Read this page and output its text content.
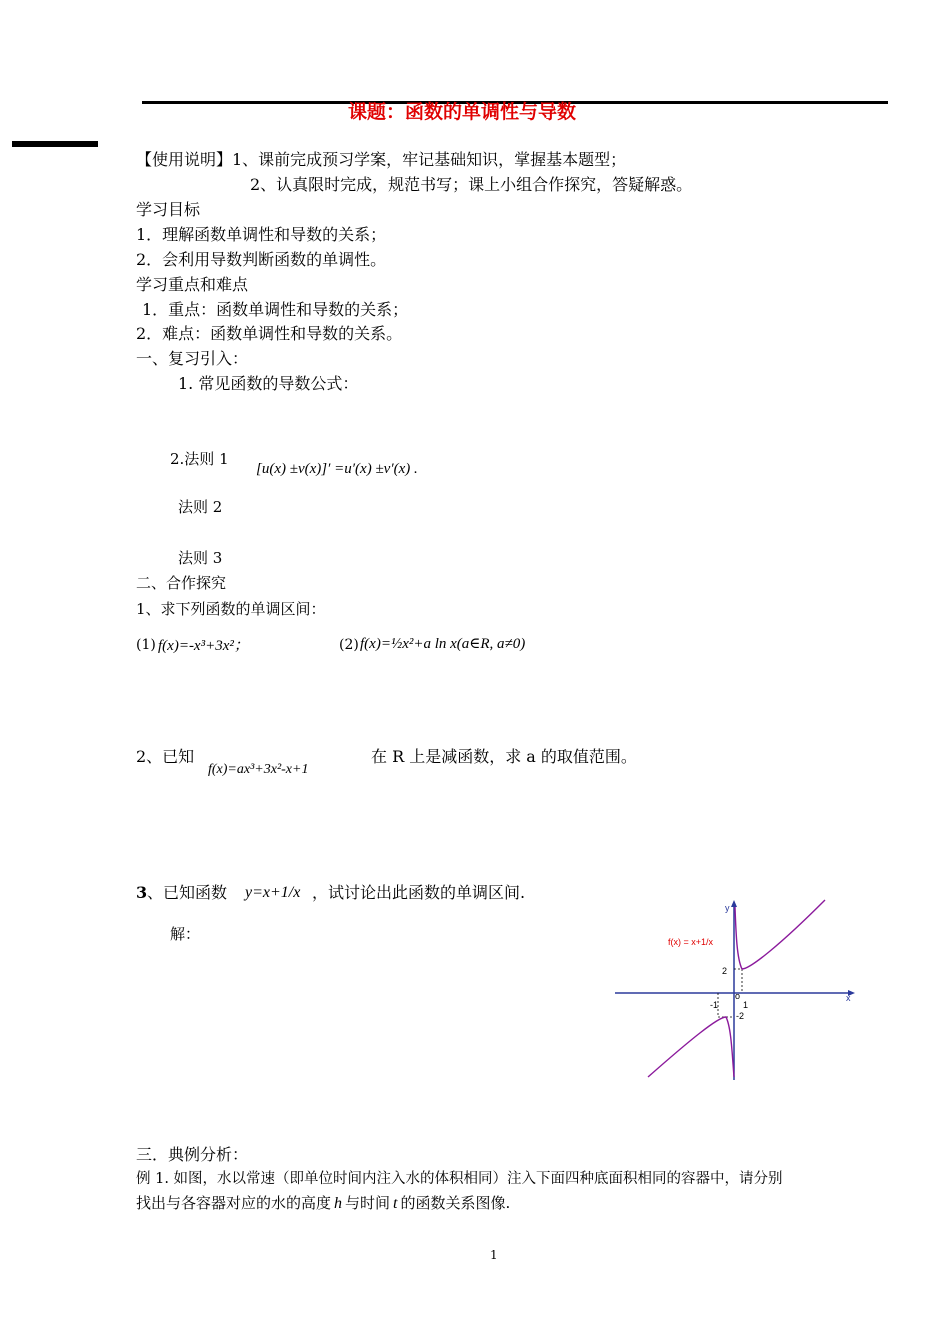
课题：函数的单调性与导数
【使用说明】1、课前完成预习学案，牢记基础知识，掌握基本题型；
2、认真限时完成，规范书写；课上小组合作探究，答疑解惑。
学习目标
1．理解函数单调性和导数的关系；
2．会利用导数判断函数的单调性。
学习重点和难点
1．重点：函数单调性和导数的关系；
2．难点：函数单调性和导数的关系。
一、复习引入：
1. 常见函数的导数公式：
2.法则 1
[u(x) ±v(x)]′ =u′(x) ±v′(x) .
法则 2
法则 3
二、合作探究
1、求下列函数的单调区间：
(1) f(x)=-x³+3x²；	(2) f(x)=½x²+a ln x(a∈R, a≠0)
2、已知
f(x)=ax³+3x²-x+1
在 R 上是减函数，求 a 的取值范围。
3 、已知函数 y=x+1/x ，试讨论出此函数的单调区间.
解：
x
y
f(x) = x+1/x
-1
o
1
2
-2
三．典例分析：
例 1. 如图，水以常速（即单位时间内注入水的体积相同）注入下面四种底面积相同的容器中，请分别
找出与各容器对应的水的高度 h 与时间 t 的函数关系图像.
1
